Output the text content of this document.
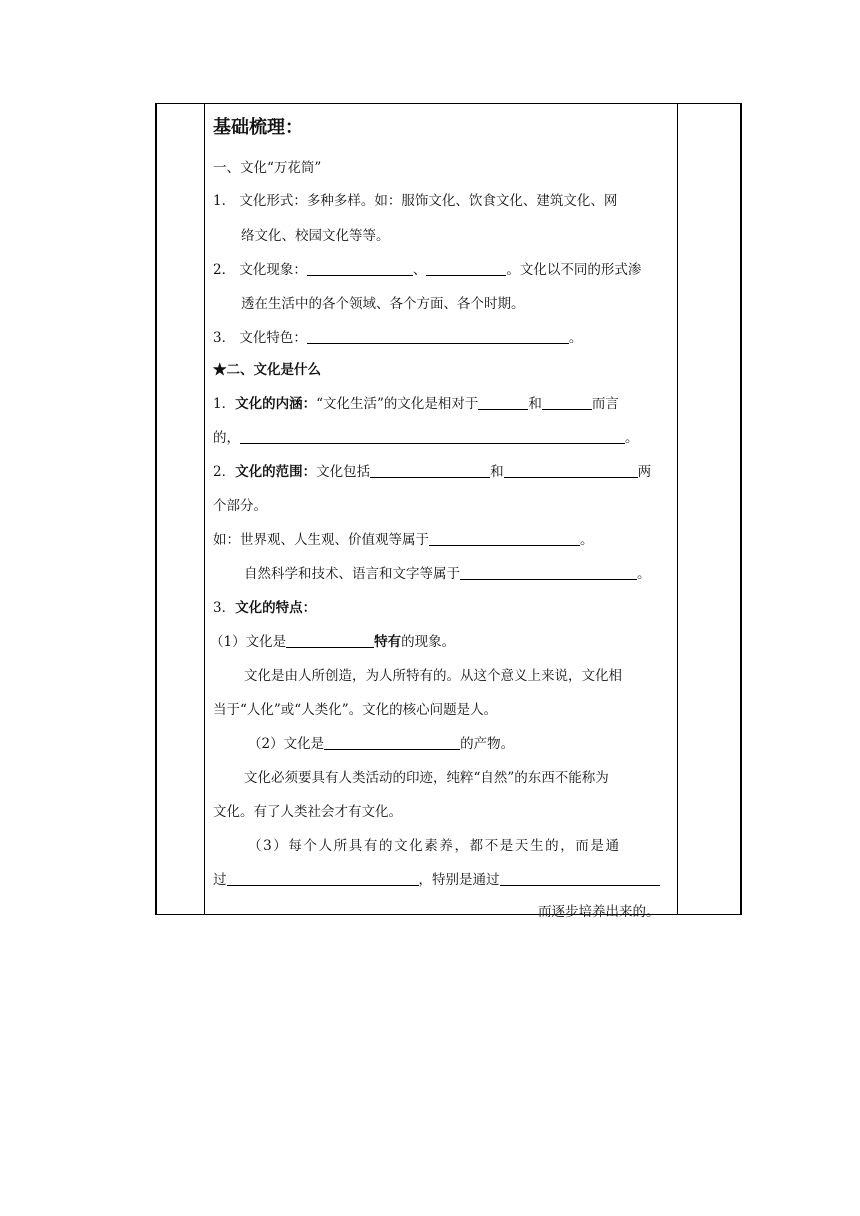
基础梳理：
一、文化“万花筒”
1． 文化形式：多种多样。如：服饰文化、饮食文化、建筑文化、网
络文化、校园文化等等。
2． 文化现象：	、	。文化以不同的形式渗
透在生活中的各个领域、各个方面、各个时期。
3． 文化特色：	。
★二、文化是什么
1．文化的内涵：“文化生活”的文化是相对于	和	而言
的，	。
2．文化的范围：文化包括	和	两
个部分。
如：世界观、人生观、价值观等属于	。
自然科学和技术、语言和文字等属于	。
3．文化的特点：
（1）文化是	特有的现象。
文化是由人所创造，为人所特有的。从这个意义上来说，文化相
当于“人化”或“人类化”。文化的核心问题是人。
（2）文化是	的产物。
文化必须要具有人类活动的印迹，纯粹“自然”的东西不能称为
文化。有了人类社会才有文化。
（3）每个人所具有的文化素养，都不是天生的，而是通
过	，特别是通过
而逐步培养出来的。
